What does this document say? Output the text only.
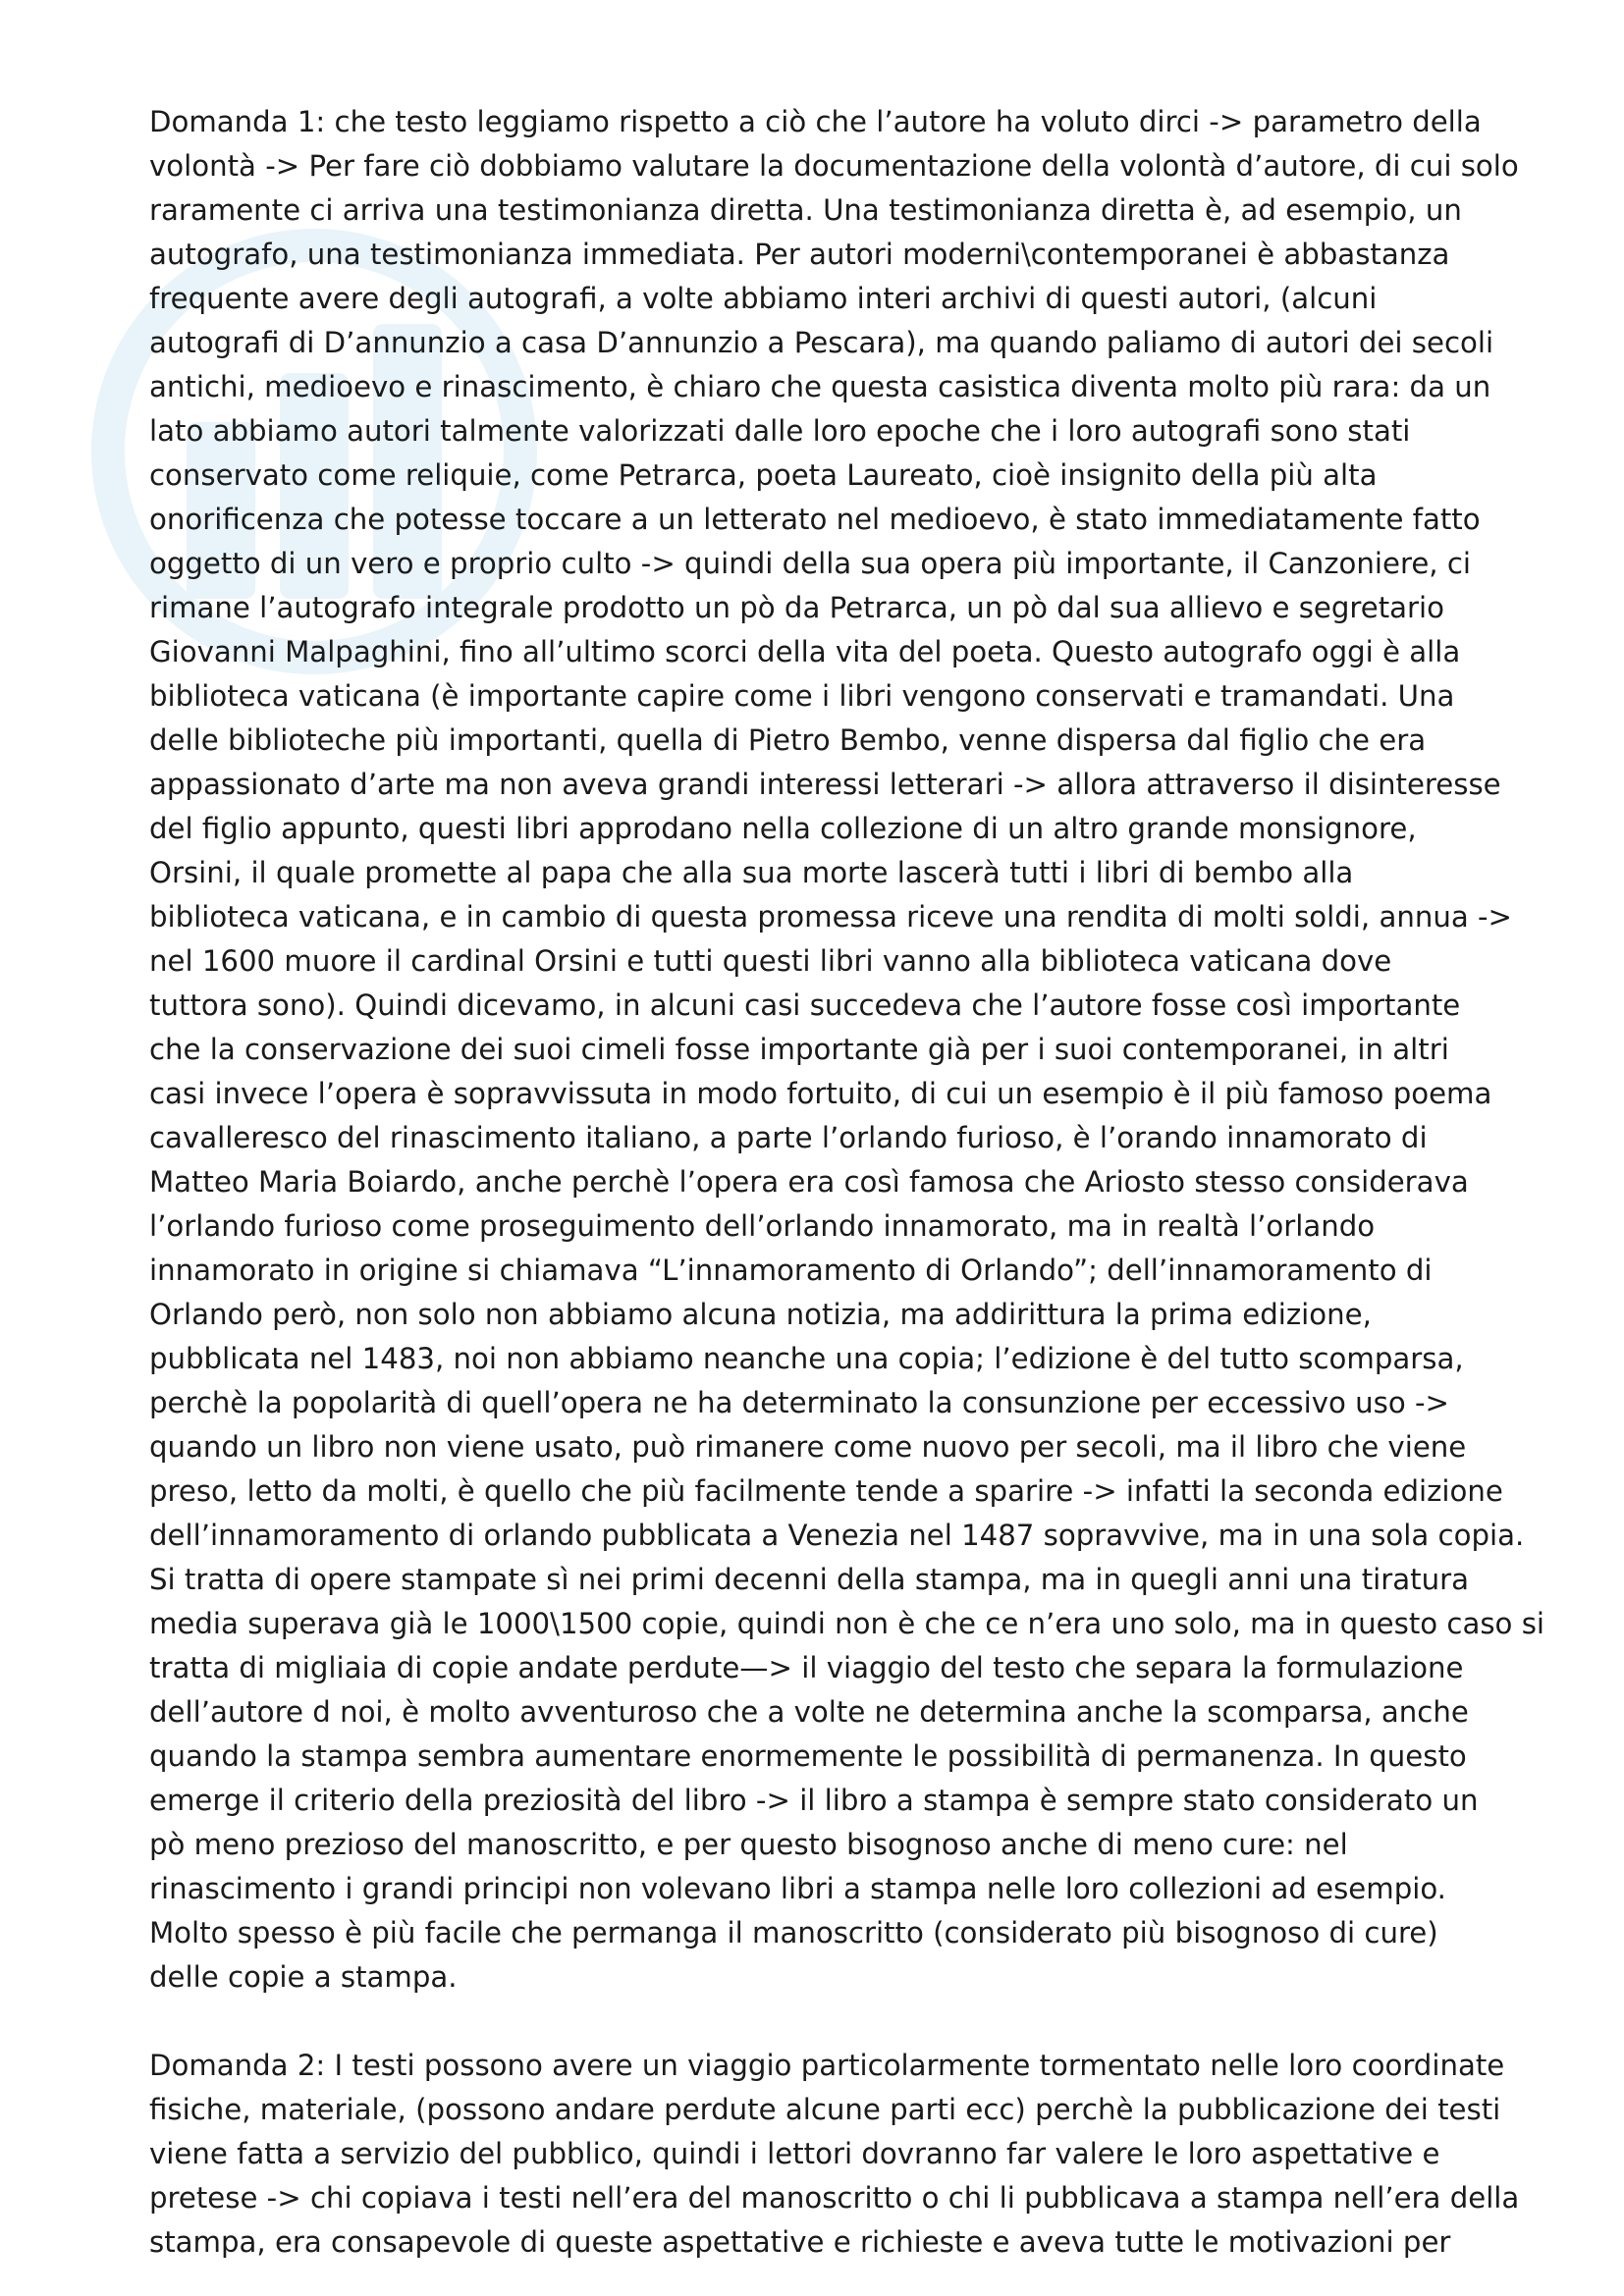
Domanda 1: che testo leggiamo rispetto a ciò che l’autore ha voluto dirci -> parametro della
volontà -> Per fare ciò dobbiamo valutare la documentazione della volontà d’autore, di cui solo
raramente ci arriva una testimonianza diretta. Una testimonianza diretta è, ad esempio, un
autografo, una testimonianza immediata. Per autori moderni\contemporanei è abbastanza
frequente avere degli autografi, a volte abbiamo interi archivi di questi autori, (alcuni
autografi di D’annunzio a casa D’annunzio a Pescara), ma quando paliamo di autori dei secoli
antichi, medioevo e rinascimento, è chiaro che questa casistica diventa molto più rara: da un
lato abbiamo autori talmente valorizzati dalle loro epoche che i loro autografi sono stati
conservato come reliquie, come Petrarca, poeta Laureato, cioè insignito della più alta
onorificenza che potesse toccare a un letterato nel medioevo, è stato immediatamente fatto
oggetto di un vero e proprio culto -> quindi della sua opera più importante, il Canzoniere, ci
rimane l’autografo integrale prodotto un pò da Petrarca, un pò dal sua allievo e segretario
Giovanni Malpaghini, fino all’ultimo scorci della vita del poeta. Questo autografo oggi è alla
biblioteca vaticana (è importante capire come i libri vengono conservati e tramandati. Una
delle biblioteche più importanti, quella di Pietro Bembo, venne dispersa dal figlio che era
appassionato d’arte ma non aveva grandi interessi letterari -> allora attraverso il disinteresse
del figlio appunto, questi libri approdano nella collezione di un altro grande monsignore,
Orsini, il quale promette al papa che alla sua morte lascerà tutti i libri di bembo alla
biblioteca vaticana, e in cambio di questa promessa riceve una rendita di molti soldi, annua ->
nel 1600 muore il cardinal Orsini e tutti questi libri vanno alla biblioteca vaticana dove
tuttora sono). Quindi dicevamo, in alcuni casi succedeva che l’autore fosse così importante
che la conservazione dei suoi cimeli fosse importante già per i suoi contemporanei, in altri
casi invece l’opera è sopravvissuta in modo fortuito, di cui un esempio è il più famoso poema
cavalleresco del rinascimento italiano, a parte l’orlando furioso, è l’orando innamorato di
Matteo Maria Boiardo, anche perchè l’opera era così famosa che Ariosto stesso considerava
l’orlando furioso come proseguimento dell’orlando innamorato, ma in realtà l’orlando
innamorato in origine si chiamava “L’innamoramento di Orlando”; dell’innamoramento di
Orlando però, non solo non abbiamo alcuna notizia, ma addirittura la prima edizione,
pubblicata nel 1483, noi non abbiamo neanche una copia; l’edizione è del tutto scomparsa,
perchè la popolarità di quell’opera ne ha determinato la consunzione per eccessivo uso ->
quando un libro non viene usato, può rimanere come nuovo per secoli, ma il libro che viene
preso, letto da molti, è quello che più facilmente tende a sparire -> infatti la seconda edizione
dell’innamoramento di orlando pubblicata a Venezia nel 1487 sopravvive, ma in una sola copia.
Si tratta di opere stampate sì nei primi decenni della stampa, ma in quegli anni una tiratura
media superava già le 1000\1500 copie, quindi non è che ce n’era uno solo, ma in questo caso si
tratta di migliaia di copie andate perdute—> il viaggio del testo che separa la formulazione
dell’autore d noi, è molto avventuroso che a volte ne determina anche la scomparsa, anche
quando la stampa sembra aumentare enormemente le possibilità di permanenza. In questo
emerge il criterio della preziosità del libro -> il libro a stampa è sempre stato considerato un
pò meno prezioso del manoscritto, e per questo bisognoso anche di meno cure: nel
rinascimento i grandi principi non volevano libri a stampa nelle loro collezioni ad esempio.
Molto spesso è più facile che permanga il manoscritto (considerato più bisognoso di cure)
delle copie a stampa.
Domanda 2: I testi possono avere un viaggio particolarmente tormentato nelle loro coordinate
fisiche, materiale, (possono andare perdute alcune parti ecc) perchè la pubblicazione dei testi
viene fatta a servizio del pubblico, quindi i lettori dovranno far valere le loro aspettative e
pretese -> chi copiava i testi nell’era del manoscritto o chi li pubblicava a stampa nell’era della
stampa, era consapevole di queste aspettative e richieste e aveva tutte le motivazioni per
